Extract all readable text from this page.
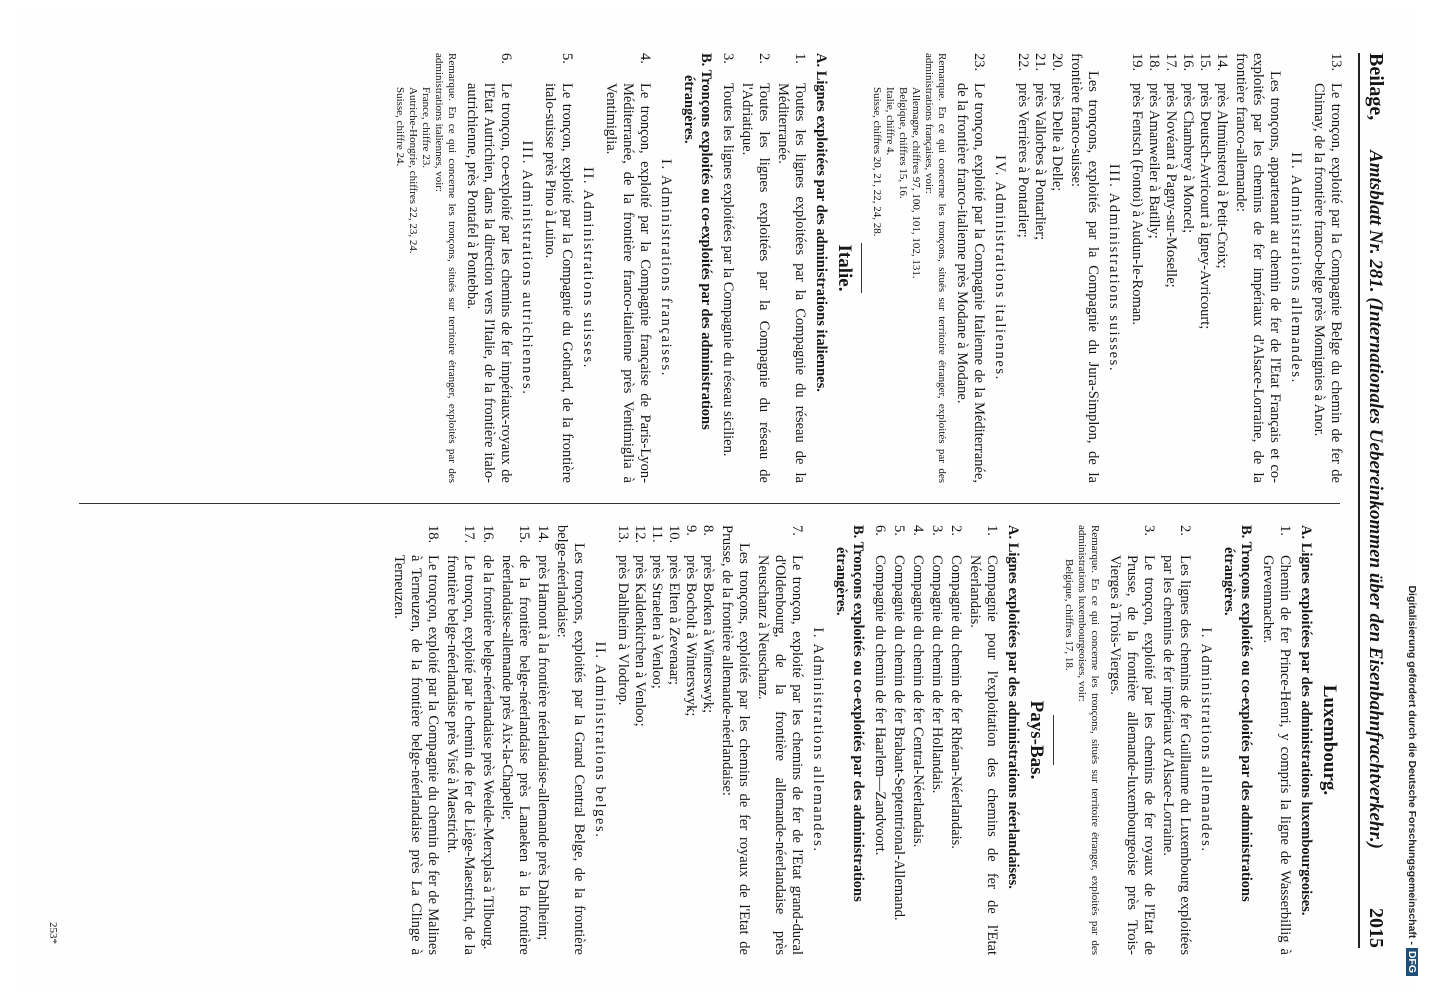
Beilage,
Amtsblatt Nr. 281. (Internationales Uebereinkommen über den Eisenbahnfrachtverkehr.)
2015
13.
Le tronçon, exploité par la Compagnie Belge du chemin de fer de Chimay, de la frontière franco-belge près Momignies à Anor.
II. Administrations allemandes.
Les tronçons, appartenant au chemin de fer de l'Etat Français et co-exploités par les chemins de fer impériaux d'Alsace-Lorraine, de la frontière franco-allemande:
14.
près Altmünsterol à Petit-Croix;
15.
près Deutsch-Avricourt à Igney-Avricourt;
16.
près Chambrey à Moncel;
17.
près Novéant à Pagny-sur-Moselle;
18.
près Amanweiler à Batilly;
19.
près Fentsch (Fontoi) à Audun-le-Roman.
III. Administrations suisses.
Les tronçons, exploités par la Compagnie du Jura-Simplon, de la frontière franco-suisse:
20.
près Delle à Delle;
21.
près Vallorbes à Pontarlier;
22.
près Verrières à Pontarlier;
IV. Administrations italiennes.
23.
Le tronçon, exploité par la Compagnie Italienne de la Méditerranée, de la frontière franco-italienne près Modane à Modane.
Remarque. En ce qui concerne les tronçons, situés sur territoire étranger, exploités par des administrations françaises, voir:
Allemagne, chiffres 97, 100, 101, 102, 131.
Belgique, chiffres 15, 16.
Italie, chiffre 4.
Suisse, chiffres 20, 21, 22, 24, 28.
Italie.
A. Lignes exploitées par des administrations italiennes.
1.
Toutes les lignes exploitées par la Compagnie du réseau de la Méditerranée.
2.
Toutes les lignes exploitées par la Compagnie du réseau de l'Adriatique.
3.
Toutes les lignes exploitées par la Compagnie du réseau sicilien.
B. Tronçons exploités ou co-exploités par des administrations étrangères.
I. Administrations françaises.
4.
Le tronçon, exploité par la Compagnie française de Paris-Lyon-Méditerranée, de la frontière franco-italienne près Ventimiglia à Ventimiglia.
II. Administrations suisses.
5.
Le tronçon, exploité par la Compagnie du Gothard, de la frontière italo-suisse près Pino à Luino.
III. Administrations autrichiennes.
6.
Le tronçon, co-exploité par les chemins de fer impériaux-royaux de l'Etat Autrichien, dans la direction vers l'Italie, de la frontière italo-autrichienne, près Pontafel à Pontebba.
Remarque. En ce qui concerne les tronçons, situés sur territoire étranger, exploités par des administrations italiennes, voir:
France, chiffre 23.
Autriche-Hongrie, chiffres 22, 23, 24.
Suisse, chiffre 24.
Luxembourg.
A. Lignes exploitées par des administrations luxembourgeoises.
1.
Chemin de fer Prince-Henri, y compris la ligne de Wasserbillig à Grevenmacher.
B. Tronçons exploités ou co-exploités par des administrations étrangères.
I. Administrations allemandes.
2.
Les lignes des chemins de fer Guillaume du Luxembourg exploitées par les chemins de fer impériaux d'Alsace-Lorraine.
3.
Le tronçon, exploité par les chemins de fer royaux de l'Etat de Prusse, de la frontière allemande-luxembourgeoise près Trois-Vierges à Trois-Vierges.
Remarque. En ce qui concerne les tronçons, situés sur territoire étranger, exploités par des administrations luxembourgeoises, voir:
Belgique, chiffres 17, 18.
Pays-Bas.
A. Lignes exploitées par des administrations néerlandaises.
1.
Compagnie pour l'exploitation des chemins de fer de l'Etat Néerlandais.
2.
Compagnie du chemin de fer Rhénan-Néerlandais.
3.
Compagnie du chemin de fer Hollandais.
4.
Compagnie du chemin de fer Central-Néerlandais.
5.
Compagnie du chemin de fer Brabant-Septentrional-Allemand.
6.
Compagnie du chemin de fer Haarlem—Zandvoort.
B. Tronçons exploités ou co-exploités par des administrations étrangères.
I. Administrations allemandes.
7.
Le tronçon, exploité par les chemins de fer de l'Etat grand-ducal d'Oldenbourg, de la frontière allemande-néerlandaise près Neuschanz à Neuschanz.
Les tronçons, exploités par les chemins de fer royaux de l'Etat de Prusse, de la frontière allemande-néerlandaise:
8.
près Borken à Winterswyk;
9.
près Bocholt à Winterswyk;
10.
près Elten à Zevenaar;
11.
près Straelen à Venloo;
12.
près Kaldenkirchen à Venloo;
13.
près Dahlheim à Vlodrop.
II. Administrations belges.
Les tronçons, exploités par la Grand Central Belge, de la frontière belge-néerlandaise:
14.
près Hamont à la frontière néerlandaise-allemande près Dahlheim;
15.
de la frontière belge-néerlandaise près Lanaeken à la frontière néerlandaise-allemande près Aix-la-Chapelle;
16.
de la frontière belge-néerlandaise près Weelde-Merxplas à Tilbourg.
17.
Le tronçon, exploité par le chemin de fer de Liège-Maestricht, de la frontière belge-néerlandaise près Visé à Maestricht.
18.
Le tronçon, exploité par la Compagnie du chemin de fer de Malines à Terneuzen, de la frontière belge-néerlandaise près La Clinge à Terneuzen.
253*	Digitalisierung gefördert durch die Deutsche Forschungsgemeinschaft -DFG
